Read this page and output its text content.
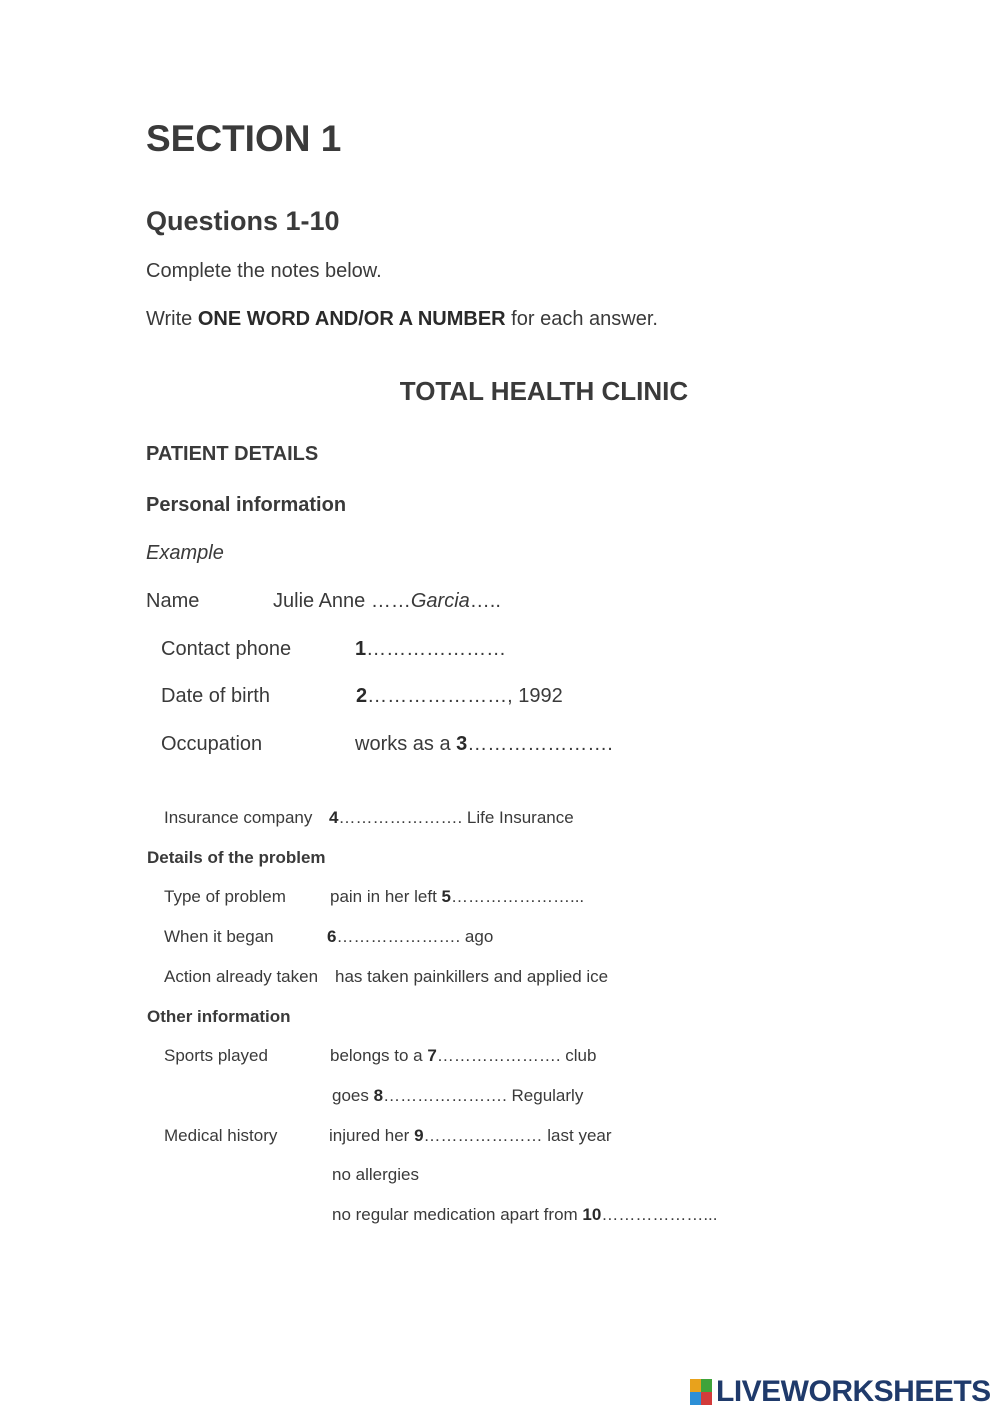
SECTION 1
Questions 1-10
Complete the notes below.
Write ONE WORD AND/OR A NUMBER for each answer.
TOTAL HEALTH CLINIC
PATIENT DETAILS
Personal information
Example
Name	Julie Anne ……Garcia…..
Contact phone	1…………………
Date of birth	2…………………, 1992
Occupation	works as a 3………………….
Insurance company 4…………………. Life Insurance
Details of the problem
Type of problem	pain in her left 5…………………...
When it began	6…………………. ago
Action already taken has taken painkillers and applied ice
Other information
Sports played	belongs to a 7…………………. club
goes 8…………………. Regularly
Medical history	injured her 9………………… last year
no allergies
no regular medication apart from 10………………...
LIVEWORKSHEETS
